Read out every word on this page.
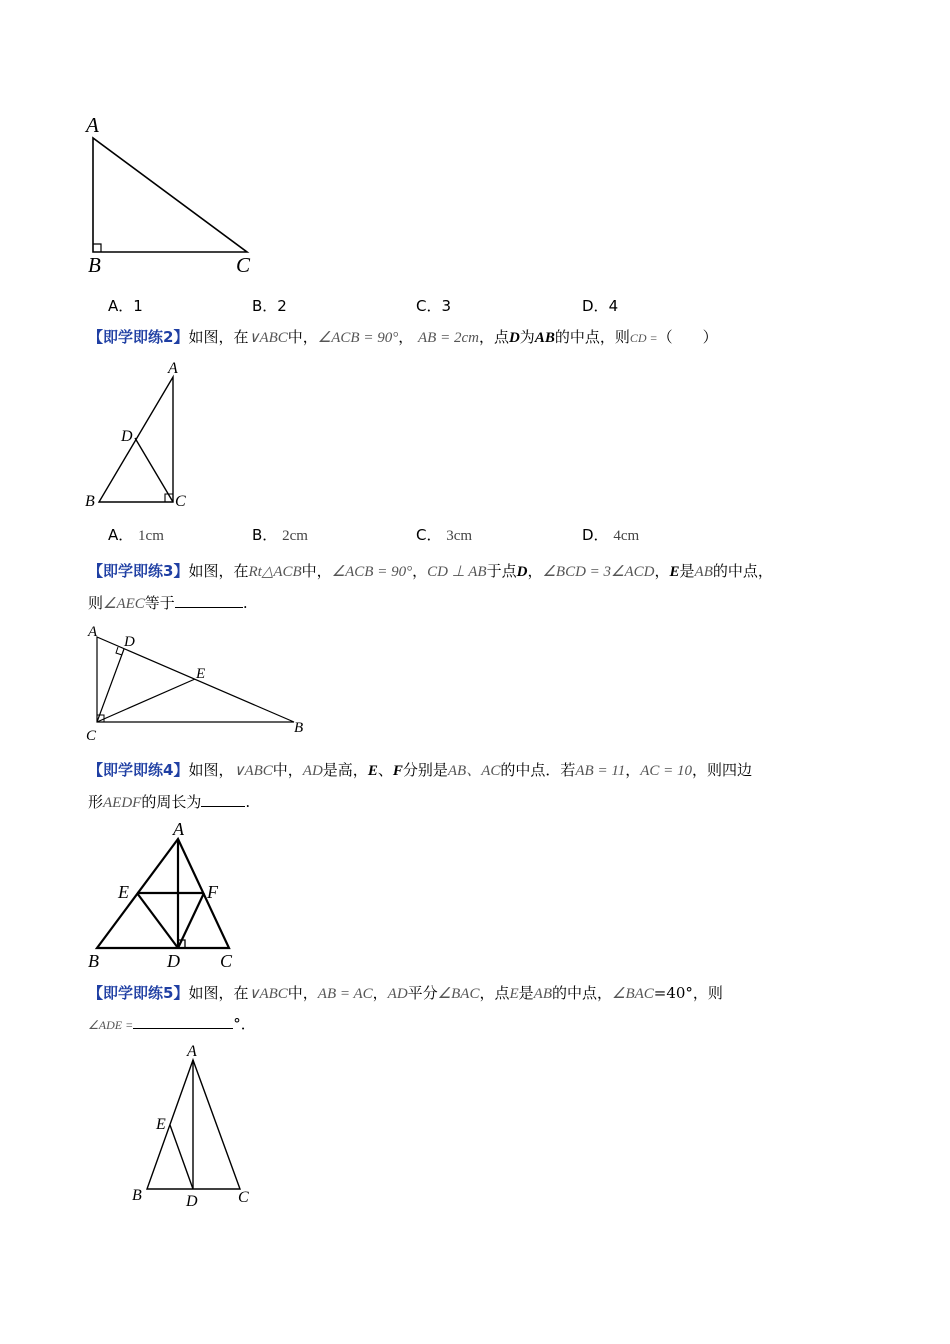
A
B	C
A．1	B．2	C．3	D．4
【即学即练2】如图，在∨ABC中，∠ACB = 90°， AB = 2cm，点D为AB的中点，则CD =（　　）
A
D
B	C
A． 1cm	B． 2cm	C． 3cm	D． 4cm
【即学即练3】如图，在Rt△ACB中，∠ACB = 90°，CD ⊥ AB于点D，∠BCD = 3∠ACD，E是AB的中点，
则∠AEC等于	.
A
D
E
B
C
【即学即练4】如图，∨ABC中，AD是高，E、F分别是AB、AC的中点．若AB = 11，AC = 10，则四边
形AEDF的周长为	.
A
E	F
B	D C
【即学即练5】如图，在∨ABC中，AB = AC，AD平分∠BAC，点E是AB的中点，∠BAC=40°，则
∠ADE =	°．
A
E
B	D	C
